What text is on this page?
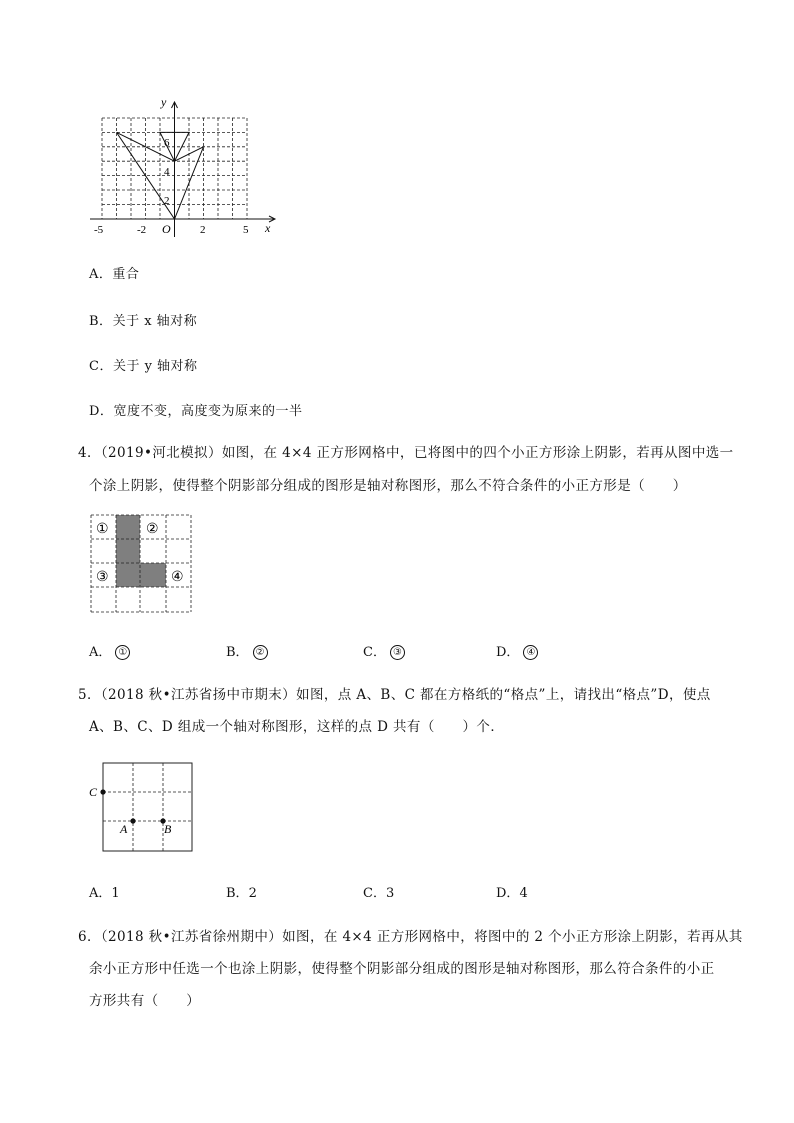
y
x
O
-5	-2	2	5
2
4
6
A．重合
B．关于 x 轴对称
C．关于 y 轴对称
D．宽度不变，高度变为原来的一半
4．（2019•河北模拟）如图，在 4×4 正方形网格中，已将图中的四个小正方形涂上阴影，若再从图中选一
个涂上阴影，使得整个阴影部分组成的图形是轴对称图形，那么不符合条件的小正方形是（　　）
①	②
③	④
A． ①	B． ②	C． ③	D． ④
5．（2018 秋•江苏省扬中市期末）如图，点 A、B、C 都在方格纸的“格点”上，请找出“格点”D，使点
A、B、C、D 组成一个轴对称图形，这样的点 D 共有（　　）个．
C
A	B
A．1	B．2	C．3	D．4
6．（2018 秋•江苏省徐州期中）如图，在 4×4 正方形网格中，将图中的 2 个小正方形涂上阴影，若再从其
余小正方形中任选一个也涂上阴影，使得整个阴影部分组成的图形是轴对称图形，那么符合条件的小正
方形共有（　　）
